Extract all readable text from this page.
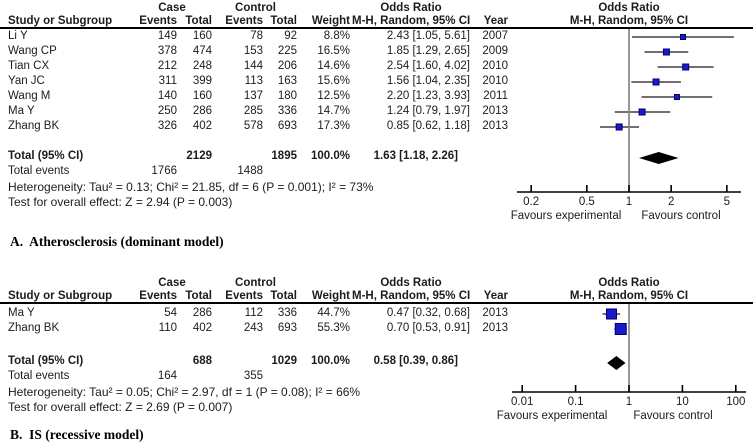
Case	Control	Odds Ratio	Odds Ratio
Study or Subgroup	Events Total	Events Total	Weight M-H, Random, 95% CI	Year	M-H, Random, 95% CI
Heterogeneity: Tau² = 0.13; Chi² = 21.85, df = 6 (P = 0.001); I² = 73%
Test for overall effect: Z = 2.94 (P = 0.003)
Favours experimental Favours control
A.  Atherosclerosis (dominant model)
Case	Control	Odds Ratio	Odds Ratio
Study or Subgroup	Events Total	Events Total	Weight M-H, Random, 95% CI	Year	M-H, Random, 95% CI
Heterogeneity: Tau² = 0.05; Chi² = 2.97, df = 1 (P = 0.08); I² = 66%
Test for overall effect: Z = 2.69 (P = 0.007)
Favours experimental Favours control
B.  IS (recessive model)
Li Y	149	160	78	92	8.8%	2.43 [1.05, 5.61]	2007
Wang CP	378	474	153	225	16.5%	1.85 [1.29, 2.65]	2009
Tian CX	212	248	144	206	14.6%	2.54 [1.60, 4.02]	2010
Yan JC	311	399	113	163	15.6%	1.56 [1.04, 2.35]	2010
Wang M	140	160	137	180	12.5%	2.20 [1.23, 3.93]	2011
Ma Y	250	286	285	336	14.7%	1.24 [0.79, 1.97]	2013
Zhang BK	326	402	578	693	17.3%	0.85 [0.62, 1.18]	2013
Total (95% CI)	2129	1895	100.0%	1.63 [1.18, 2.26]
Total events	1766	1488
0.2	0.5	1	2	5
Ma Y	54	286	112	336	44.7%	0.47 [0.32, 0.68]	2013
Zhang BK	110	402	243	693	55.3%	0.70 [0.53, 0.91]	2013
Total (95% CI)	688	1029	100.0%	0.58 [0.39, 0.86]
Total events	164	355
0.01	0.1	1	10	100
